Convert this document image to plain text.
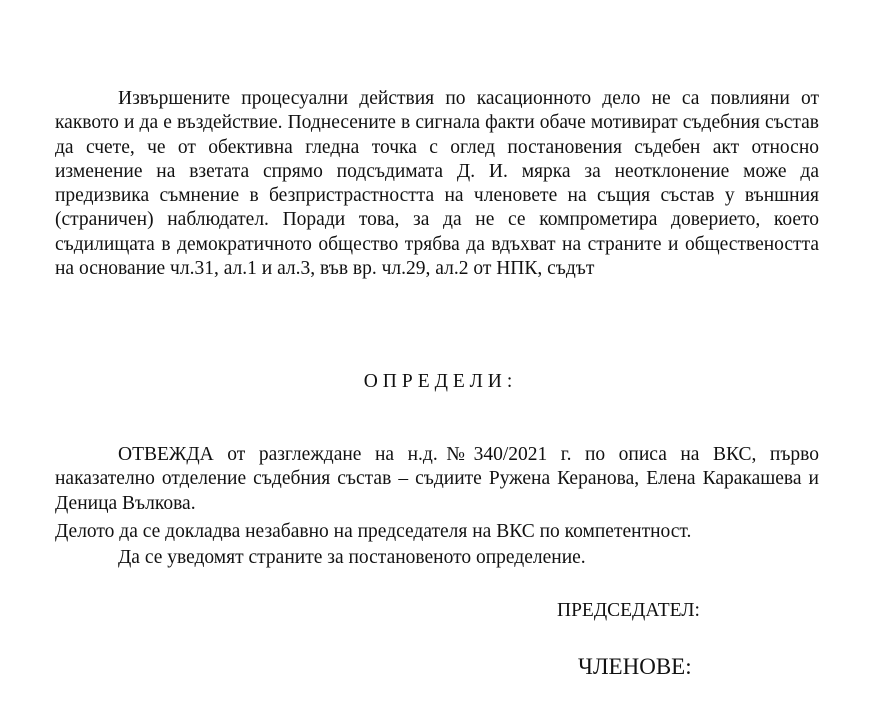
Извършените процесуални действия по касационното дело не са повлияни от каквото и да е въздействие. Поднесените в сигнала факти обаче мотивират съдебния състав да счете, че от обективна гледна точка с оглед постановения съдебен акт относно изменение на взетата спрямо подсъдимата Д. И. мярка за неотклонение може да предизвика съмнение в безпристрастността на членовете на същия състав у външния (страничен) наблюдател. Поради това, за да не се компрометира доверието, което съдилищата в демократичното общество трябва да вдъхват на страните и обществеността на основание чл.31, ал.1 и ал.3, във вр. чл.29, ал.2 от НПК, съдът

ОПРЕДЕЛИ:

ОТВЕЖДА от разглеждане на н.д.№340/2021 г. по описа на ВКС, първо наказателно отделение съдебния състав – съдиите Ружена Керанова, Елена Каракашева и Деница Вълкова.

Делото да се докладва незабавно на председателя на ВКС по компетентност.
Да се уведомят страните за постановеното определение.
ПРЕДСЕДАТЕЛ:
ЧЛЕНОВЕ:
